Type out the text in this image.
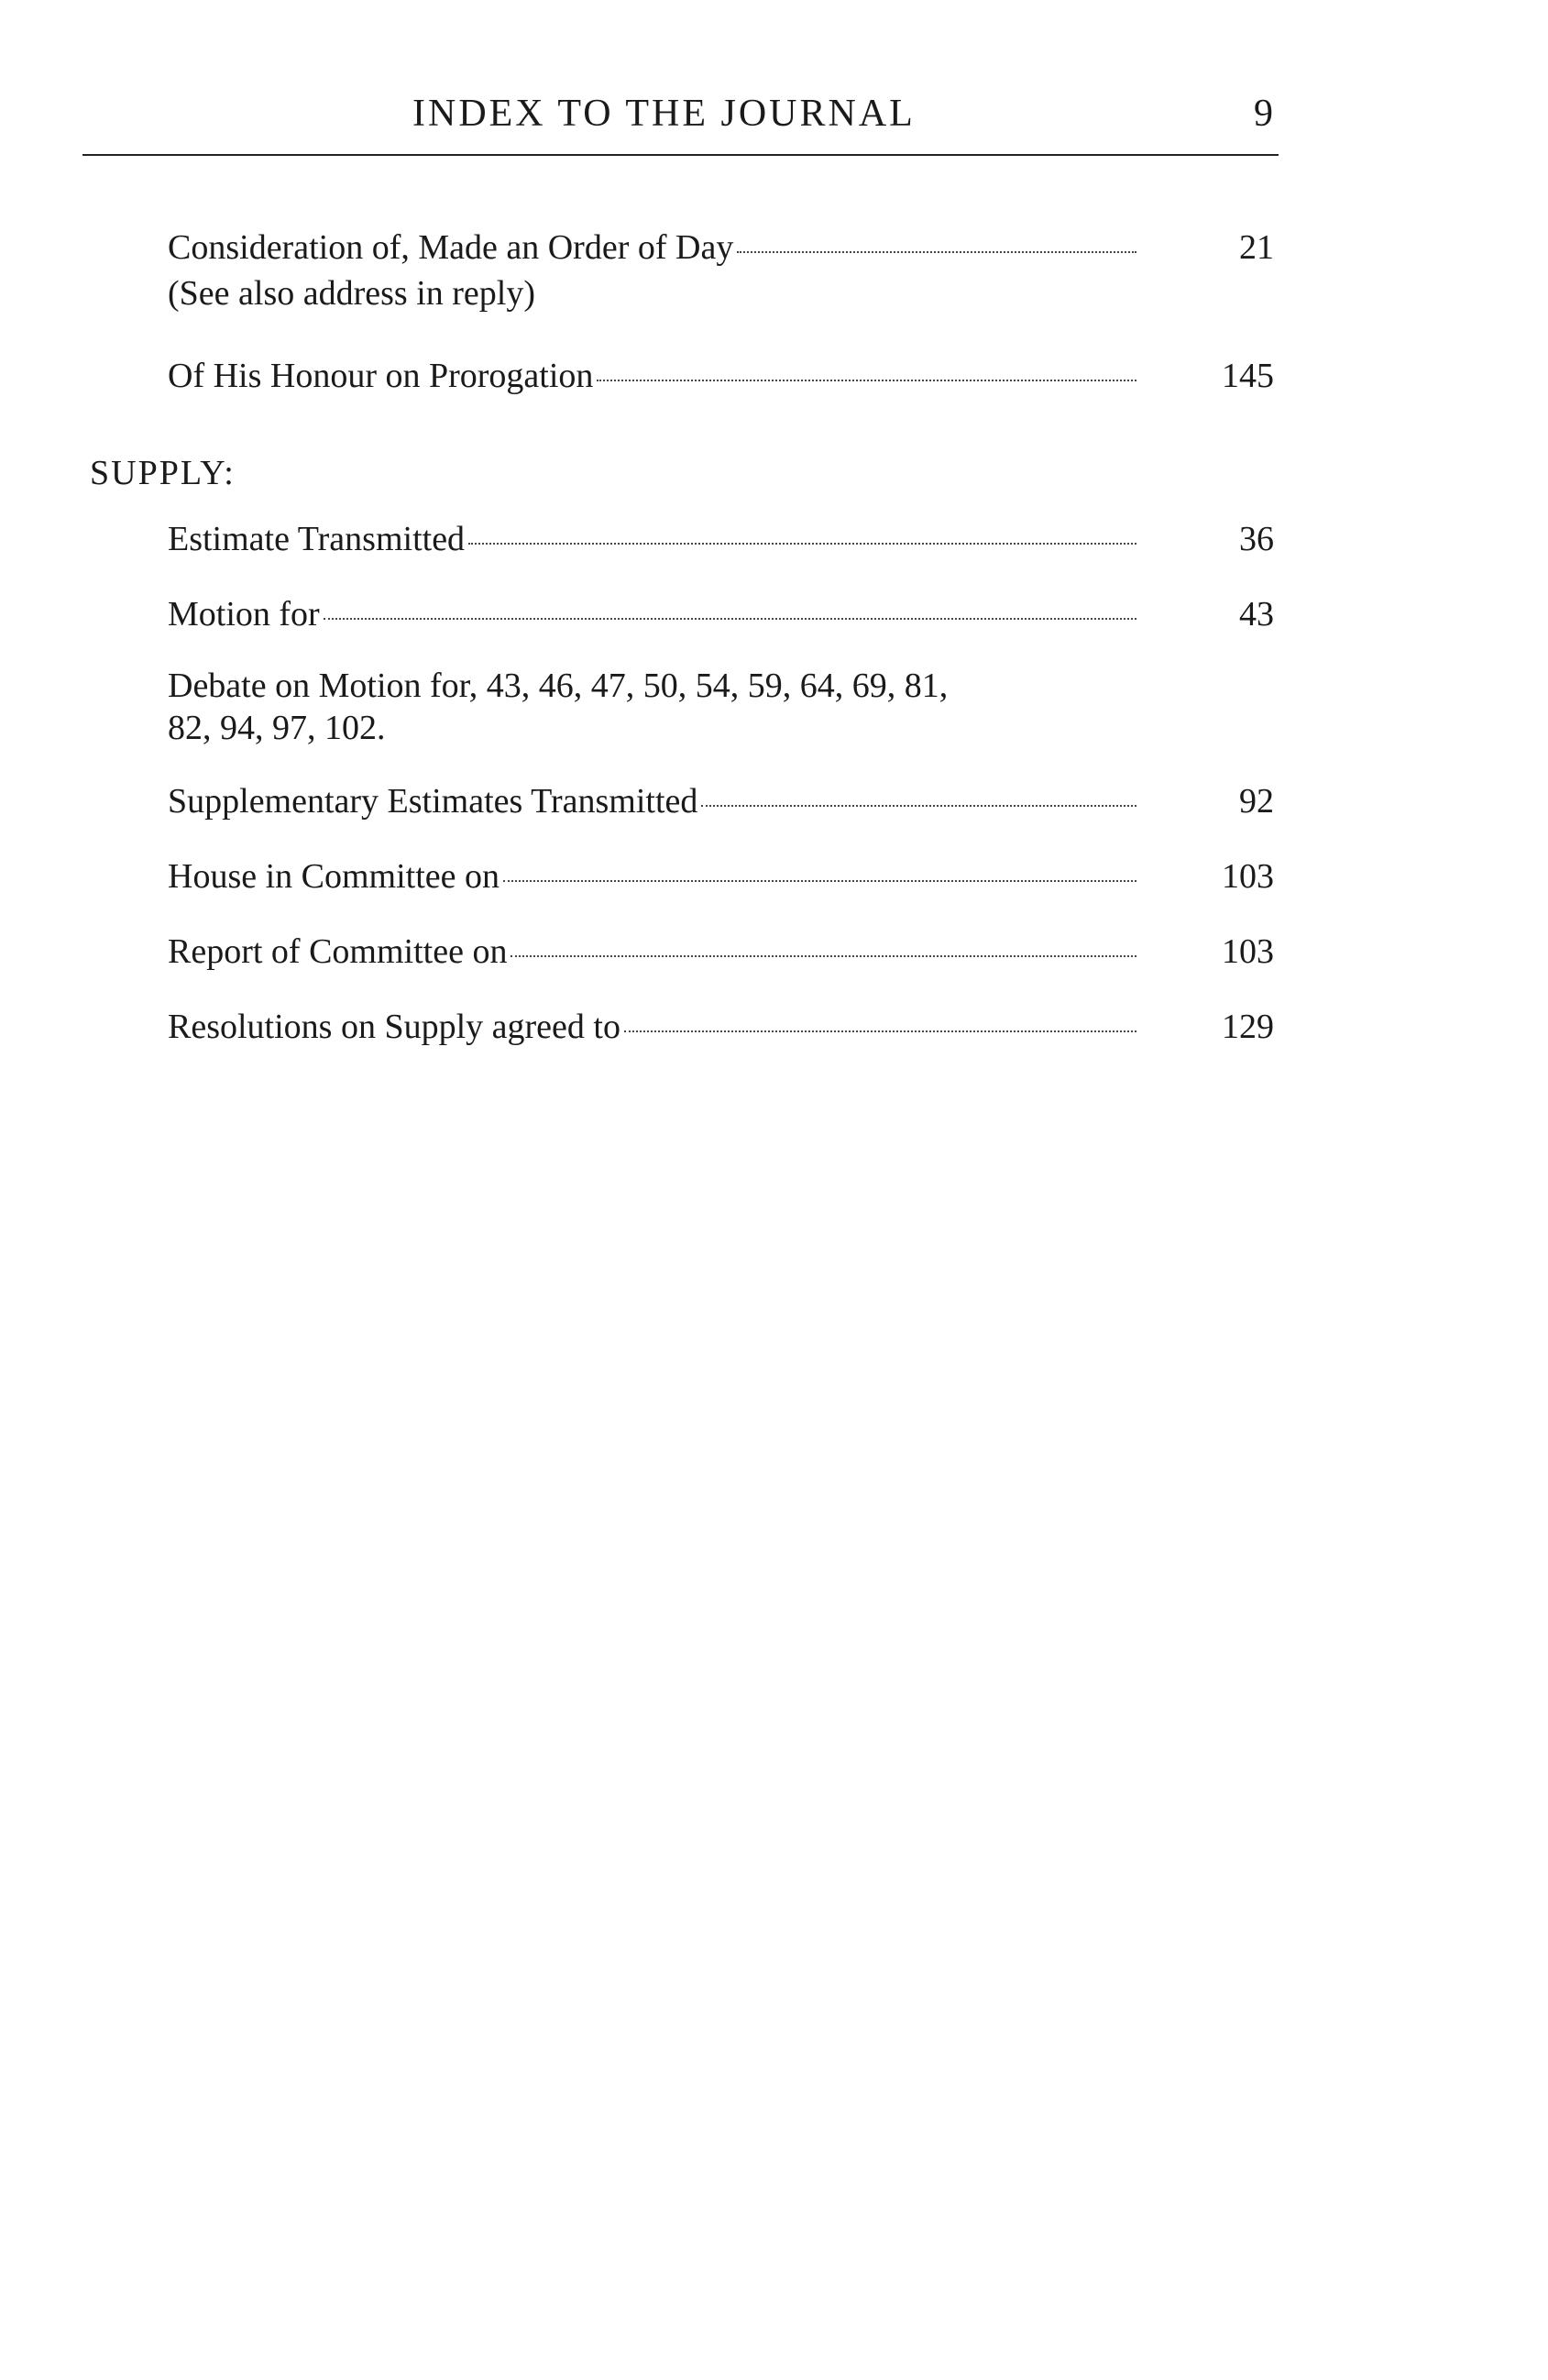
INDEX TO THE JOURNAL	9
Consideration of, Made an Order of Day	21
(See also address in reply)
Of His Honour on Prorogation	145
SUPPLY:
Estimate Transmitted	36
Motion for	43
Debate on Motion for, 43, 46, 47, 50, 54, 59, 64, 69, 81,
82, 94, 97, 102.
Supplementary Estimates Transmitted	92
House in Committee on	103
Report of Committee on	103
Resolutions on Supply agreed to	129
